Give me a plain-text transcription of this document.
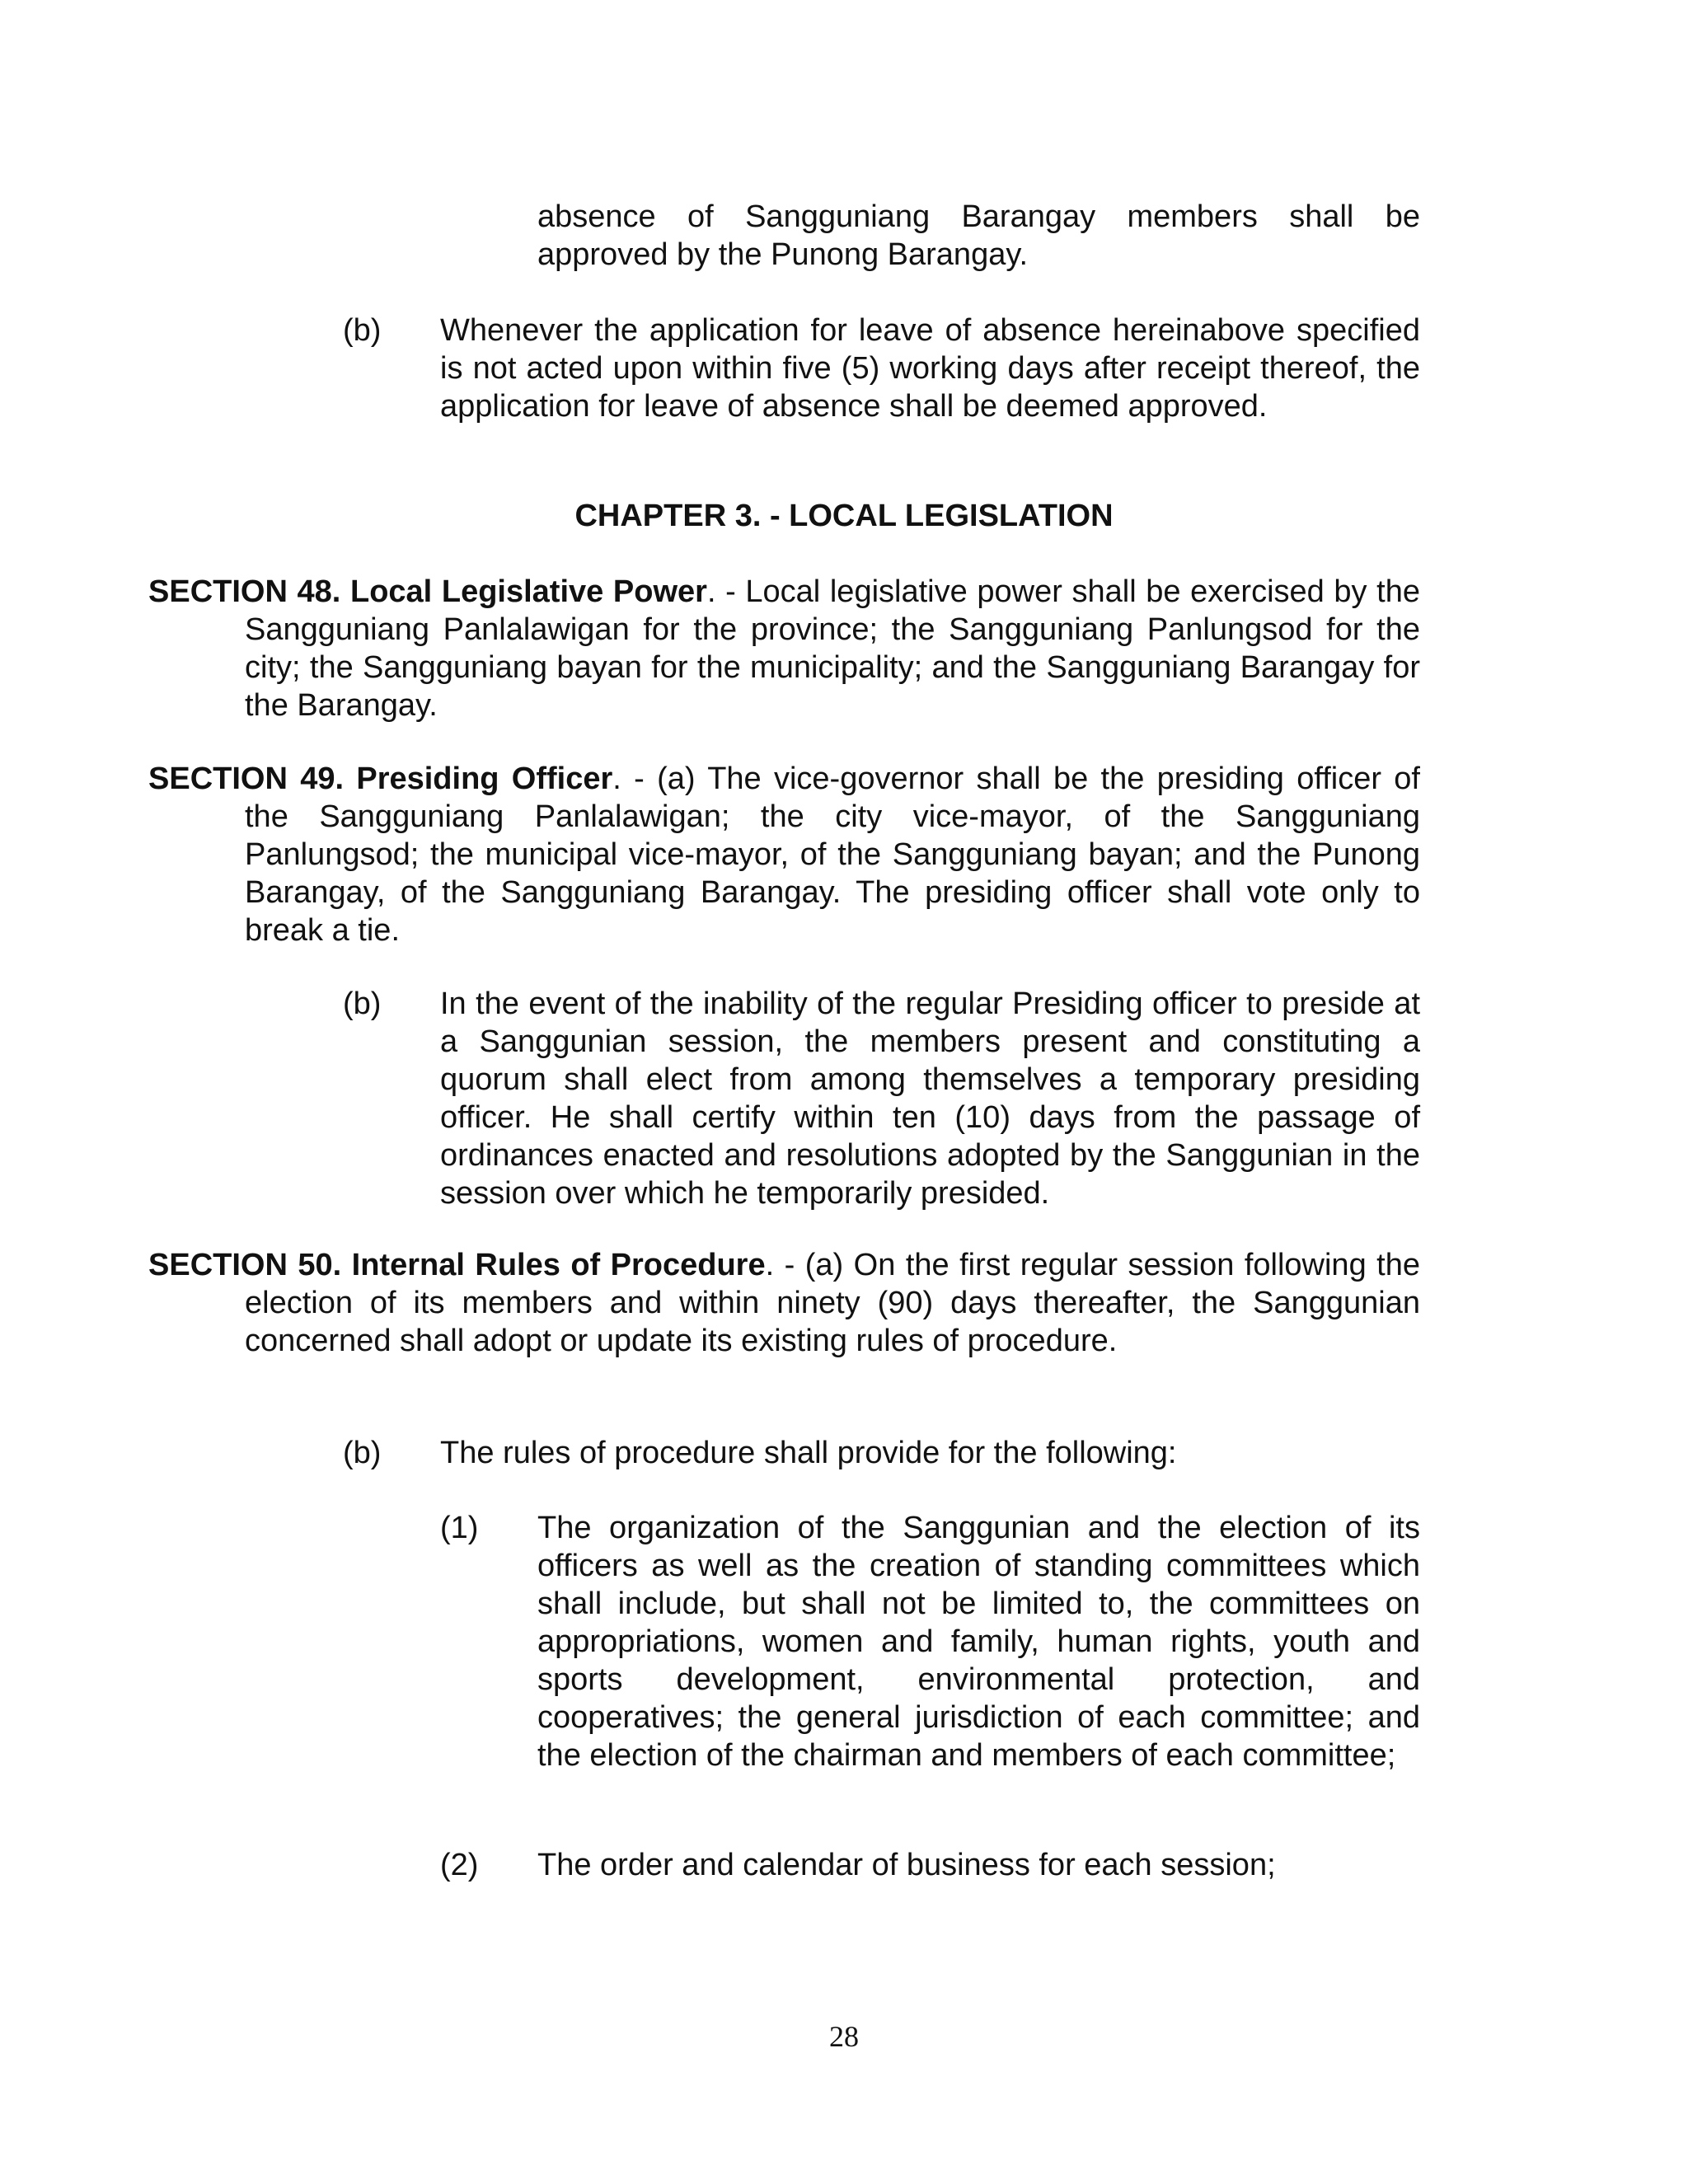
absence of Sangguniang Barangay members shall be approved by the Punong Barangay.
(b) Whenever the application for leave of absence hereinabove specified is not acted upon within five (5) working days after receipt thereof, the application for leave of absence shall be deemed approved.
CHAPTER 3. - LOCAL LEGISLATION
SECTION 48. Local Legislative Power. - Local legislative power shall be exercised by the Sangguniang Panlalawigan for the province; the Sangguniang Panlungsod for the city; the Sangguniang bayan for the municipality; and the Sangguniang Barangay for the Barangay.
SECTION 49. Presiding Officer. - (a) The vice-governor shall be the presiding officer of the Sangguniang Panlalawigan; the city vice-mayor, of the Sangguniang Panlungsod; the municipal vice-mayor, of the Sangguniang bayan; and the Punong Barangay, of the Sangguniang Barangay. The presiding officer shall vote only to break a tie.
(b) In the event of the inability of the regular Presiding officer to preside at a Sanggunian session, the members present and constituting a quorum shall elect from among themselves a temporary presiding officer. He shall certify within ten (10) days from the passage of ordinances enacted and resolutions adopted by the Sanggunian in the session over which he temporarily presided.
SECTION 50. Internal Rules of Procedure. - (a) On the first regular session following the election of its members and within ninety (90) days thereafter, the Sanggunian concerned shall adopt or update its existing rules of procedure.
(b) The rules of procedure shall provide for the following:
(1) The organization of the Sanggunian and the election of its officers as well as the creation of standing committees which shall include, but shall not be limited to, the committees on appropriations, women and family, human rights, youth and sports development, environmental protection, and cooperatives; the general jurisdiction of each committee; and the election of the chairman and members of each committee;
(2) The order and calendar of business for each session;
28
